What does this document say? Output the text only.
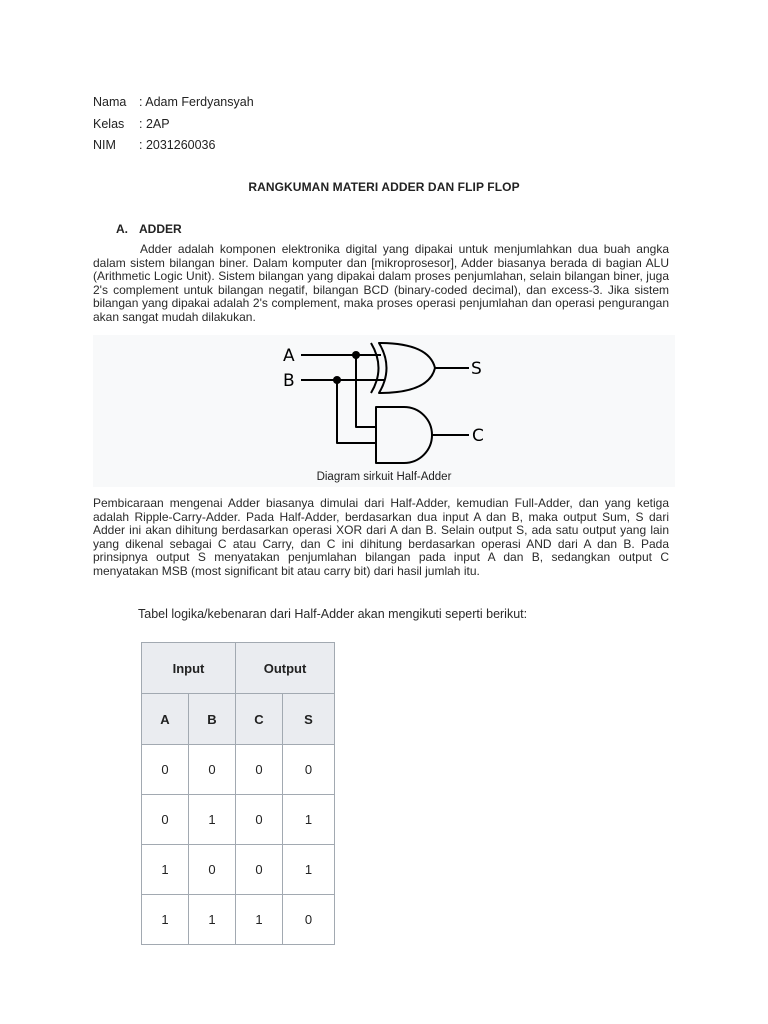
Nama : Adam Ferdyansyah
Kelas : 2AP
NIM : 2031260036
RANGKUMAN MATERI ADDER DAN FLIP FLOP
A. ADDER

Adder adalah komponen elektronika digital yang dipakai untuk menjumlahkan dua buah angka dalam sistem bilangan biner. Dalam komputer dan [mikroprosesor], Adder biasanya berada di bagian ALU (Arithmetic Logic Unit). Sistem bilangan yang dipakai dalam proses penjumlahan, selain bilangan biner, juga 2's complement untuk bilangan negatif, bilangan BCD (binary-coded decimal), dan excess-3. Jika sistem bilangan yang dipakai adalah 2's complement, maka proses operasi penjumlahan dan operasi pengurangan akan sangat mudah dilakukan.

A
B
S
C
Diagram sirkuit Half-Adder

Pembicaraan mengenai Adder biasanya dimulai dari Half-Adder, kemudian Full-Adder, dan yang ketiga adalah Ripple-Carry-Adder. Pada Half-Adder, berdasarkan dua input A dan B, maka output Sum, S dari Adder ini akan dihitung berdasarkan operasi XOR dari A dan B. Selain output S, ada satu output yang lain yang dikenal sebagai C atau Carry, dan C ini dihitung berdasarkan operasi AND dari A dan B. Pada prinsipnya output S menyatakan penjumlahan bilangan pada input A dan B, sedangkan output C menyatakan MSB (most significant bit atau carry bit) dari hasil jumlah itu.

Tabel logika/kebenaran dari Half-Adder akan mengikuti seperti berikut:
Input		Output	
A	B	C	S
0	0	0	0
0	1	0	1
1	0	0	1
1	1	1	0
